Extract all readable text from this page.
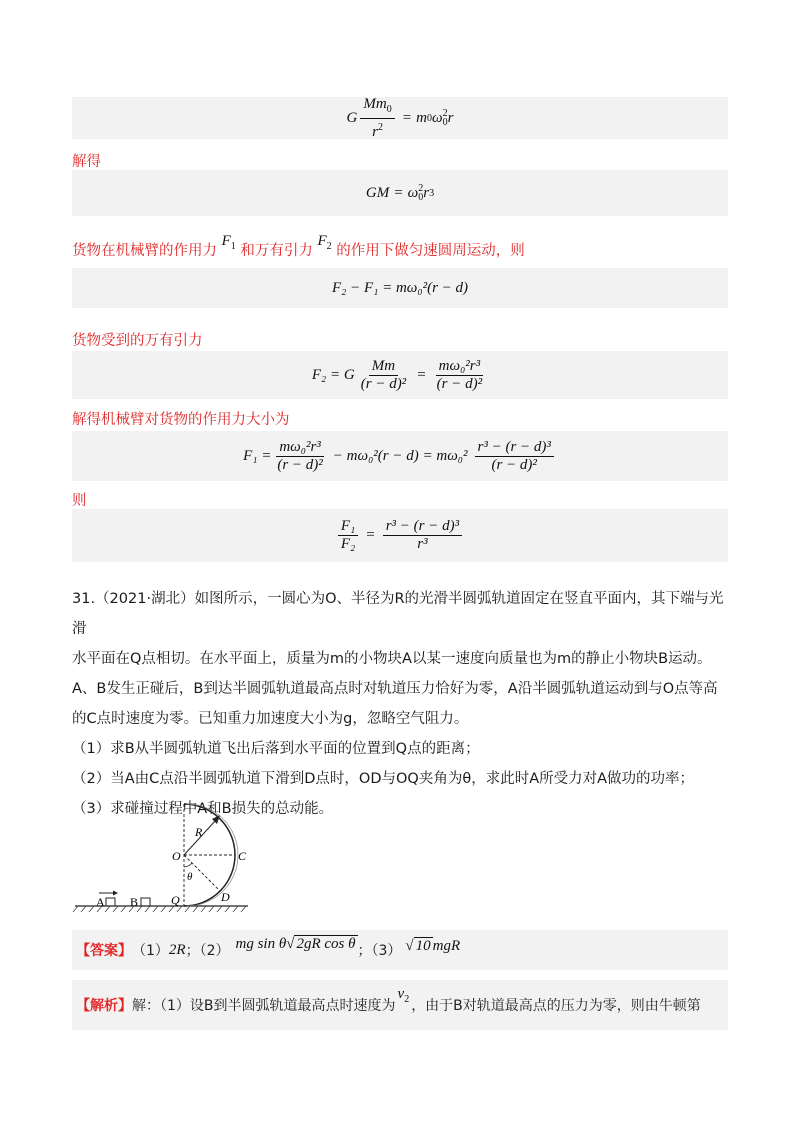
G $\frac{Mm_0}{r^2} = m$ 0 ω 2
0 r
解得
GM = ω 2
0 r 3
货物在机械臂的作用力 $F_1$ 和万有引力 $F_2$ 的作用下做匀速圆周运动，则
F₂ − F₁ = mω₀²(r − d)
货物受到的万有引力
F₂ = G $\frac{Mm}{\text{(r − d)²}} = \frac{\text{mω₀²r³}}{\text{(r − d)²}}$
解得机械臂对货物的作用力大小为
$F_1 = \frac{\text{mω₀²r³}}{\text{(r − d)²}} - m\omega_0^2(r - d) = m\omega_0^2 \frac{\text{r³ − (r − d)³}}{\text{(r − d)²}}$
则
$\frac{\text{F₁}}{\text{F₂}} = \frac{\text{r³ − (r − d)³}}{\text{r³}}$
31.（2021·湖北）如图所示，一圆心为O、半径为R的光滑半圆弧轨道固定在竖直平面内，其下端与光滑
水平面在Q点相切。在水平面上，质量为m的小物块A以某一速度向质量也为m的静止小物块B运动。
A、B发生正碰后，B到达半圆弧轨道最高点时对轨道压力恰好为零，A沿半圆弧轨道运动到与O点等高
的C点时速度为零。已知重力加速度大小为g，忽略空气阻力。
（1）求B从半圆弧轨道飞出后落到水平面的位置到Q点的距离；
（2）当A由C点沿半圆弧轨道下滑到D点时，OD与OQ夹角为θ，求此时A所受力对A做功的功率；
（3）求碰撞过程中A和B损失的总动能。
R
O	C
θ
D
Q
A B
【答案】 （1） 2R ；（2） mg sin θ√ 2gR cos θ ；（3） √ 10 mgR
【解析】 解：（1）设B到半圆弧轨道最高点时速度为
$v_2$ ，由于B对轨道最高点的压力为零，则由牛顿第
